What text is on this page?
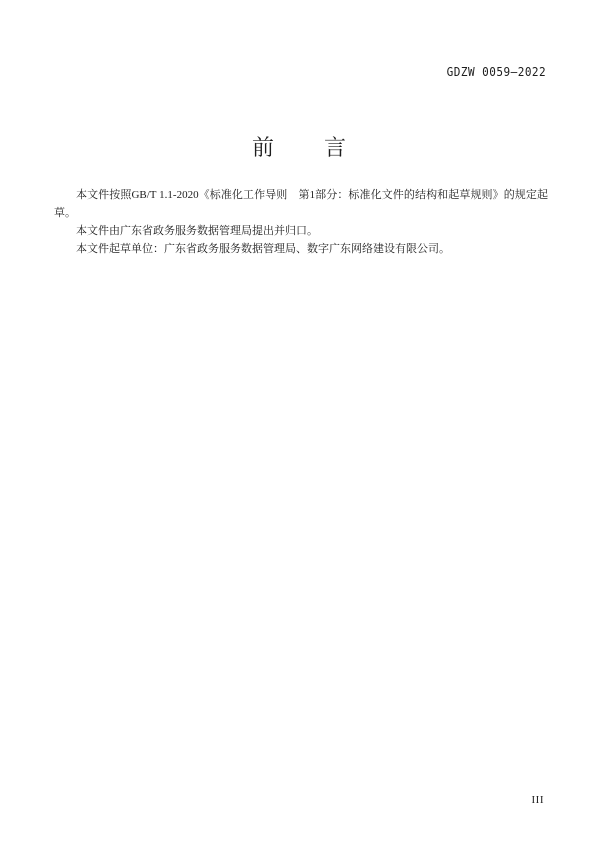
GDZW 0059—2022
前　　言

本文件按照GB/T 1.1-2020《标准化工作导则　第1部分：标准化文件的结构和起草规则》的规定起草。

本文件由广东省政务服务数据管理局提出并归口。

本文件起草单位：广东省政务服务数据管理局、数字广东网络建设有限公司。

III
